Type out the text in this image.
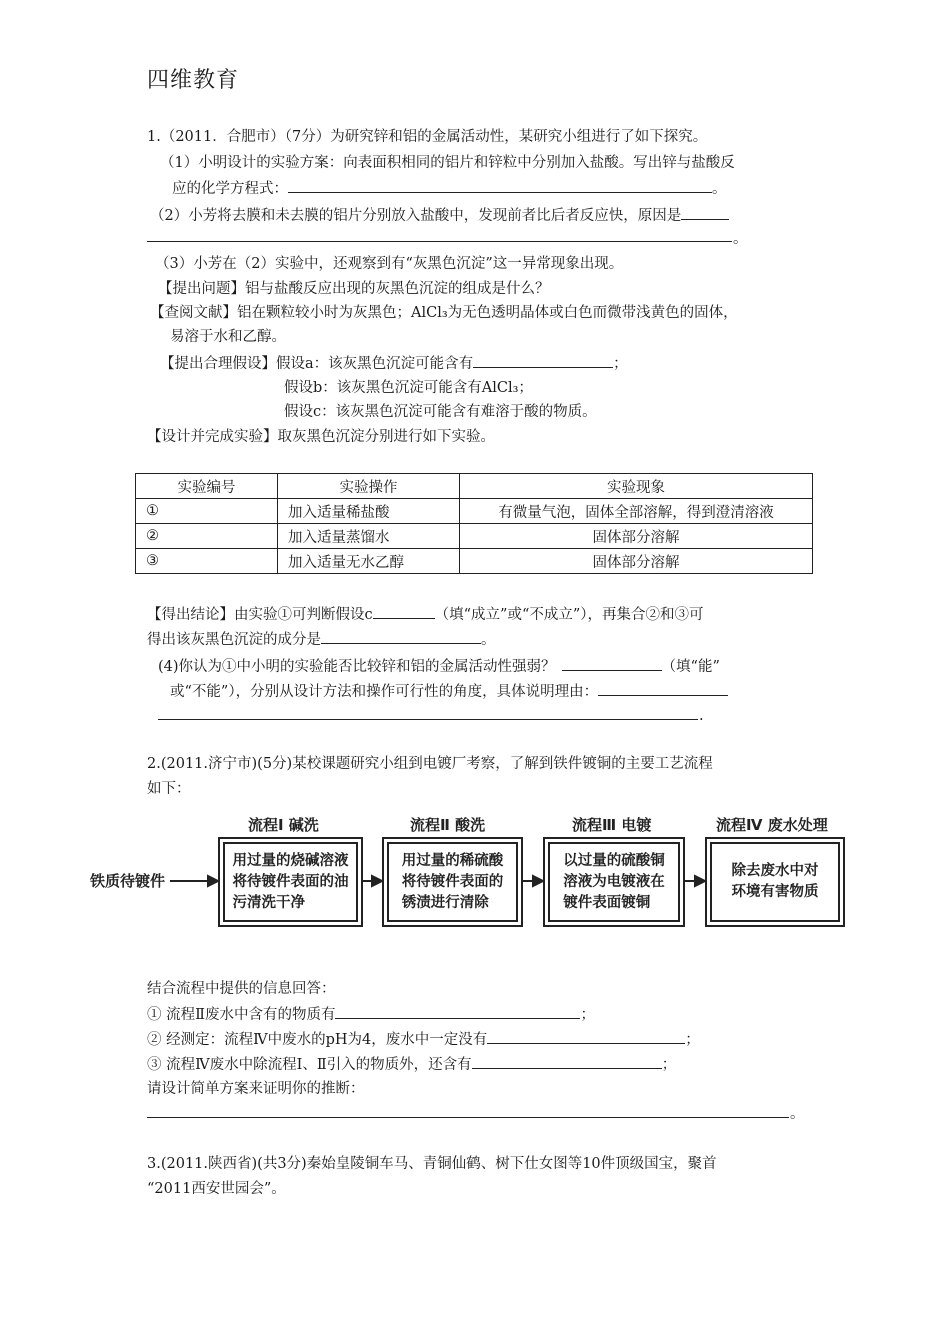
四维教育
1.（2011．合肥市）（7分）为研究锌和铝的金属活动性，某研究小组进行了如下探究。
（1）小明设计的实验方案：向表面积相同的铝片和锌粒中分别加入盐酸。写出锌与盐酸反
应的化学方程式：	。
（2）小芳将去膜和未去膜的铝片分别放入盐酸中，发现前者比后者反应快，原因是
。
（3）小芳在（2）实验中，还观察到有“灰黑色沉淀”这一异常现象出现。
【提出问题】铝与盐酸反应出现的灰黑色沉淀的组成是什么？
【查阅文献】铝在颗粒较小时为灰黑色；AlCl₃为无色透明晶体或白色而微带浅黄色的固体，
易溶于水和乙醇。
【提出合理假设】假设a：该灰黑色沉淀可能含有	；
假设b：该灰黑色沉淀可能含有AlCl₃；
假设c：该灰黑色沉淀可能含有难溶于酸的物质。
【设计并完成实验】取灰黑色沉淀分别进行如下实验。
实验编号	实验操作	实验现象
①	加入适量稀盐酸	有微量气泡，固体全部溶解，得到澄清溶液
②	加入适量蒸馏水	固体部分溶解
③	加入适量无水乙醇	固体部分溶解
【得出结论】由实验①可判断假设c	（填“成立”或“不成立”），再集合②和③可
得出该灰黑色沉淀的成分是	。
(4)你认为①中小明的实验能否比较锌和铝的金属活动性强弱？	（填“能”
或“不能”），分别从设计方法和操作可行性的角度，具体说明理由：
.
2.(2011.济宁市)(5分)某校课题研究小组到电镀厂考察，了解到铁件镀铜的主要工艺流程
如下：
铁质待镀件
流程Ⅰ 碱洗
用过量的烧碱溶液
将待镀件表面的油
污清洗干净
流程Ⅱ 酸洗
用过量的稀硫酸
将待镀件表面的
锈渍进行清除
流程Ⅲ 电镀
以过量的硫酸铜
溶液为电镀液在
镀件表面镀铜
流程Ⅳ 废水处理
除去废水中对
环境有害物质
结合流程中提供的信息回答：
① 流程Ⅱ废水中含有的物质有	；
② 经测定：流程Ⅳ中废水的pH为4，废水中一定没有	；
③ 流程Ⅳ废水中除流程Ⅰ、Ⅱ引入的物质外，还含有	；
请设计简单方案来证明你的推断：
。
3.(2011.陕西省)(共3分)秦始皇陵铜车马、青铜仙鹤、树下仕女图等10件顶级国宝，聚首
“2011西安世园会”。
